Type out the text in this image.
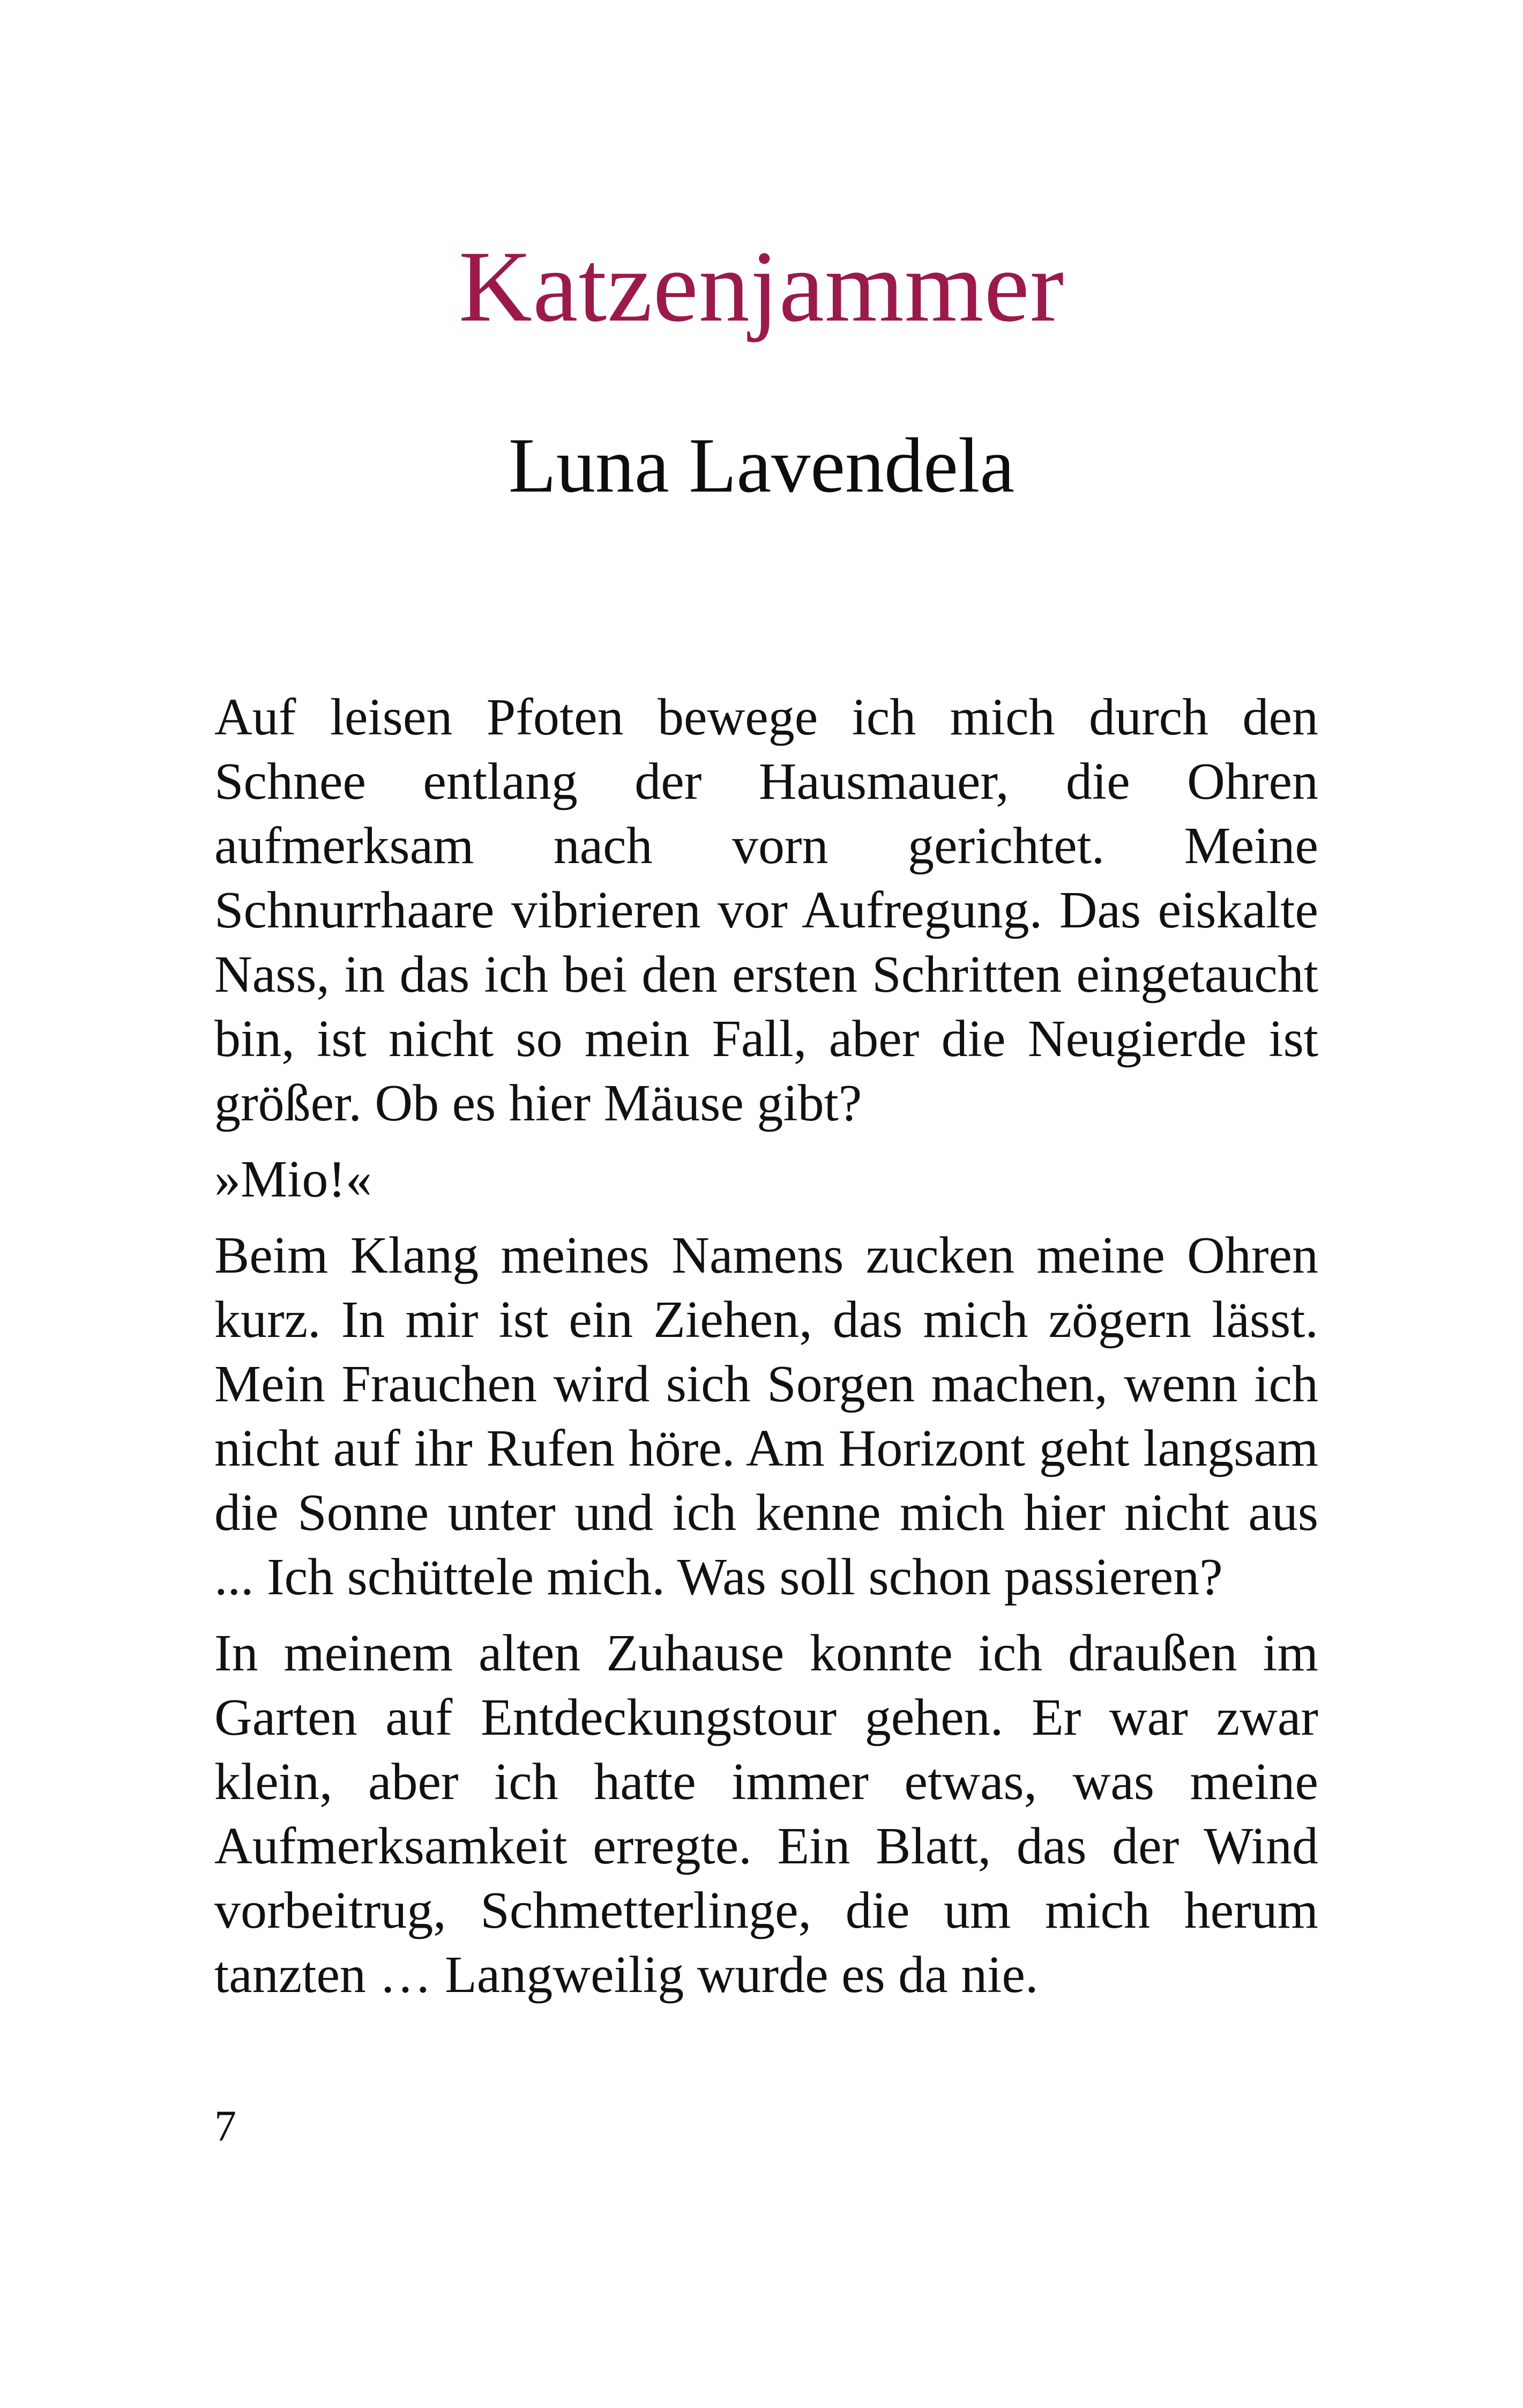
Katzenjammer
Luna Lavendela

Auf leisen Pfoten bewege ich mich durch den Schnee entlang der Hausmauer, die Ohren aufmerksam nach vorn gerichtet. Meine Schnurrhaare vibrieren vor Aufregung. Das eiskalte Nass, in das ich bei den ersten Schritten eingetaucht bin, ist nicht so mein Fall, aber die Neugierde ist größer. Ob es hier Mäuse gibt?

»Mio!«

Beim Klang meines Namens zucken meine Ohren kurz. In mir ist ein Ziehen, das mich zögern lässt. Mein Frauchen wird sich Sorgen machen, wenn ich nicht auf ihr Rufen höre. Am Horizont geht langsam die Sonne unter und ich kenne mich hier nicht aus ... Ich schüttele mich. Was soll schon passieren?

In meinem alten Zuhause konnte ich draußen im Garten auf Entdeckungstour gehen. Er war zwar klein, aber ich hatte immer etwas, was meine Aufmerksamkeit erregte. Ein Blatt, das der Wind vorbeitrug, Schmetterlinge, die um mich herum tanzten … Langweilig wurde es da nie.

7
